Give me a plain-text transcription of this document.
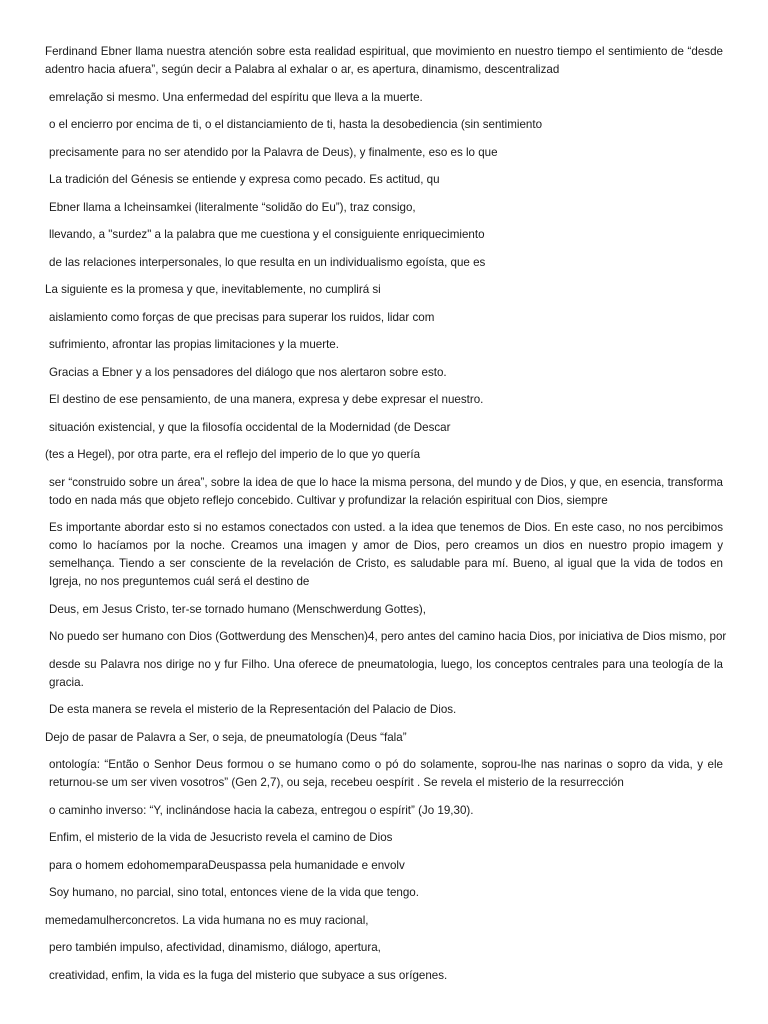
Ferdinand Ebner llama nuestra atención sobre esta realidad espiritual, que movimiento en nuestro tiempo el sentimiento de “desde adentro hacia afuera”, según decir a Palabra al exhalar o ar, es apertura, dinamismo, descentralizad

emrelação si mesmo. Una enfermedad del espíritu que lleva a la muerte.

o el encierro por encima de ti, o el distanciamiento de ti, hasta la desobediencia (sin sentimiento

precisamente para no ser atendido por la Palavra de Deus), y finalmente, eso es lo que

La tradición del Génesis se entiende y expresa como pecado. Es actitud, qu

Ebner llama a Icheinsamkei (literalmente “solidão do Eu”), traz consigo,

llevando, a "surdez" a la palabra que me cuestiona y el consiguiente enriquecimiento

de las relaciones interpersonales, lo que resulta en un individualismo egoísta, que es

La siguiente es la promesa y que, inevitablemente, no cumplirá si

aislamiento como forças de que precisas para superar los ruidos, lidar com

sufrimiento, afrontar las propias limitaciones y la muerte.

Gracias a Ebner y a los pensadores del diálogo que nos alertaron sobre esto.

El destino de ese pensamiento, de una manera, expresa y debe expresar el nuestro.

situación existencial, y que la filosofía occidental de la Modernidad (de Descar

(tes a Hegel), por otra parte, era el reflejo del imperio de lo que yo quería

ser “construido sobre un área”, sobre la idea de que lo hace la misma persona, del mundo y de Dios, y que, en esencia, transforma todo en nada más que objeto reflejo concebido. Cultivar y profundizar la relación espiritual con Dios, siempre

Es importante abordar esto si no estamos conectados con usted. a la idea que tenemos de Dios. En este caso, no nos percibimos como lo hacíamos por la noche. Creamos una imagen y amor de Dios, pero creamos un dios en nuestro propio imagem y semelhança. Tiendo a ser consciente de la revelación de Cristo, es saludable para mí. Bueno, al igual que la vida de todos en Igreja, no nos preguntemos cuál será el destino de

Deus, em Jesus Cristo, ter-se tornado humano (Menschwerdung Gottes),

No puedo ser humano con Dios (Gottwerdung des Menschen)4, pero antes del camino hacia Dios, por iniciativa de Dios mismo, por

desde su Palavra nos dirige no y fur Filho. Una oferece de pneumatologia, luego, los conceptos centrales para una teología de la gracia.

De esta manera se revela el misterio de la Representación del Palacio de Dios.

Dejo de pasar de Palavra a Ser, o seja, de pneumatología (Deus “fala”

ontología: “Então o Senhor Deus formou o se humano como o pó do solamente, soprou-lhe nas narinas o sopro da vida, y ele returnou-se um ser viven vosotros” (Gen 2,7), ou seja, recebeu oespírit . Se revela el misterio de la resurrección

o caminho inverso: “Y, inclinándose hacia la cabeza, entregou o espírit” (Jo 19,30).

Enfim, el misterio de la vida de Jesucristo revela el camino de Dios

para o homem edohomemparaDeuspassa pela humanidade e envolv

Soy humano, no parcial, sino total, entonces viene de la vida que tengo.

memedamulherconcretos. La vida humana no es muy racional,

pero también impulso, afectividad, dinamismo, diálogo, apertura,

creatividad, enfim, la vida es la fuga del misterio que subyace a sus orígenes.
